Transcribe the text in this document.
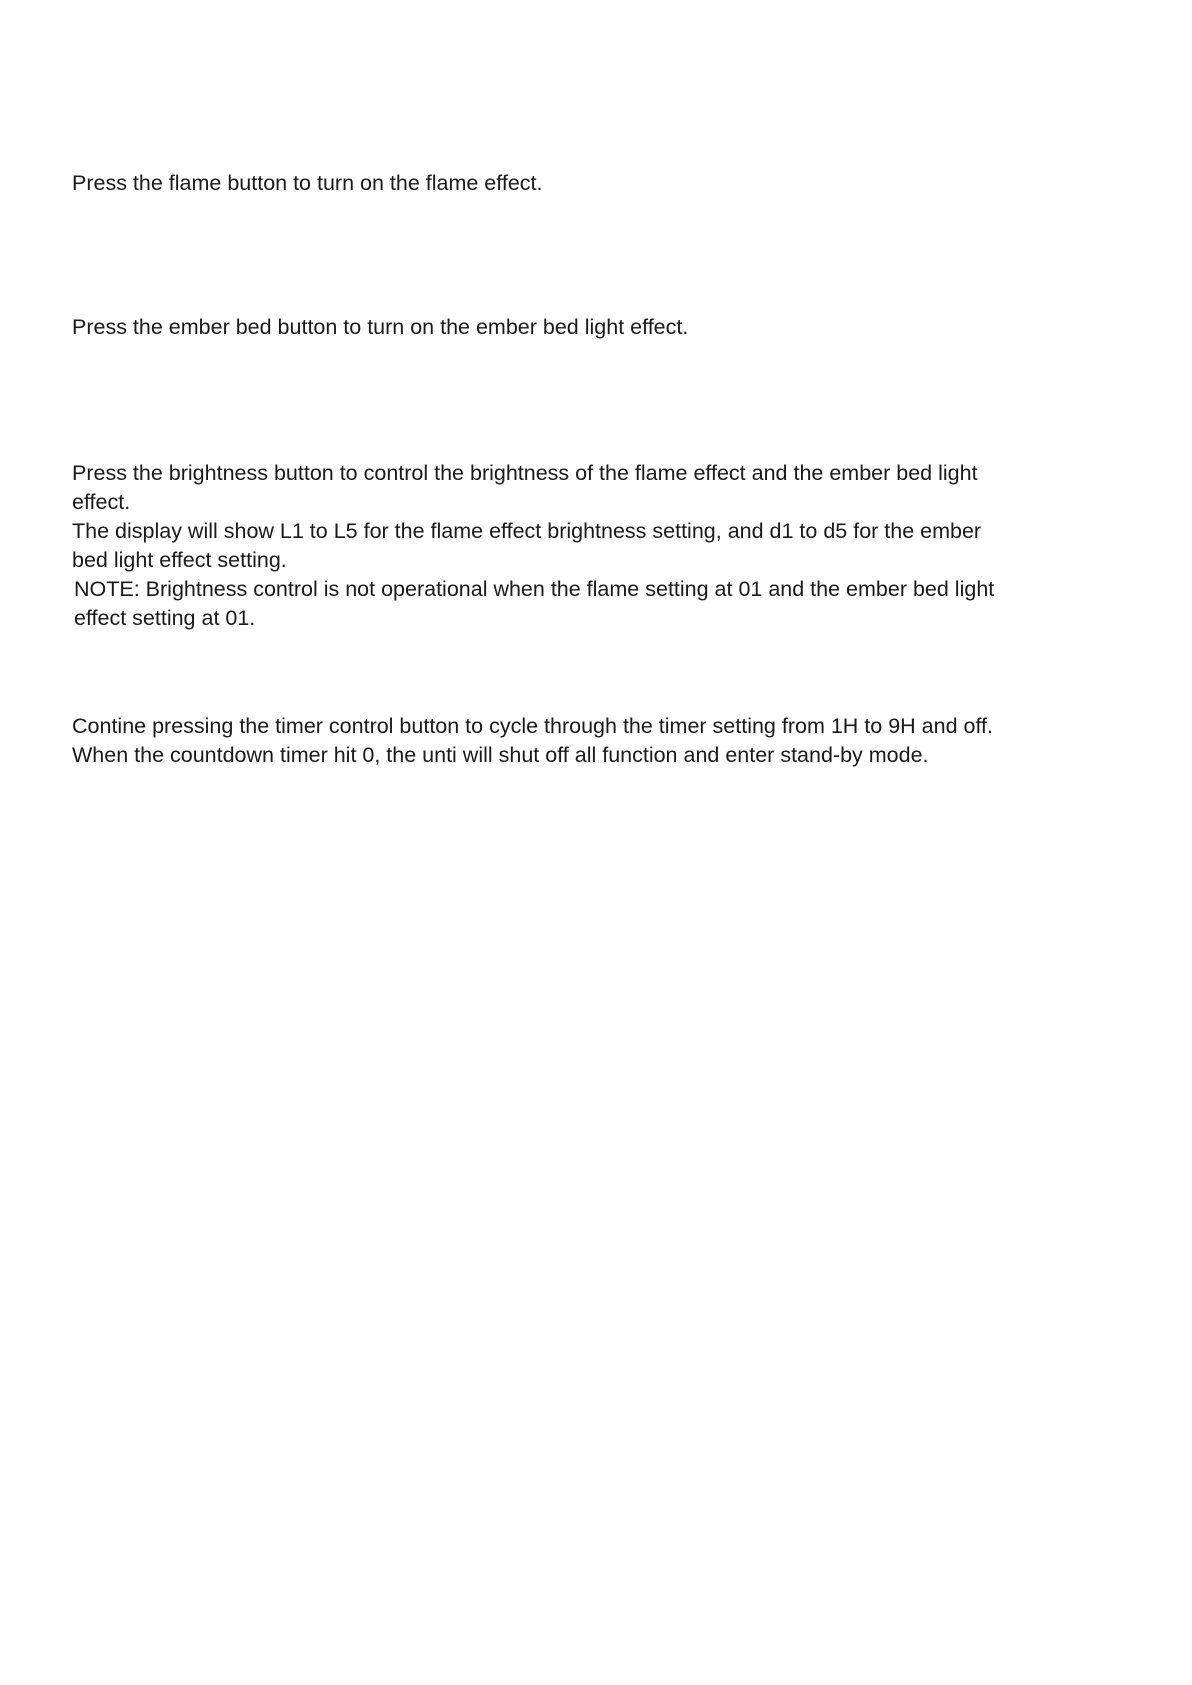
Press the flame button to turn on the flame effect.

Press the ember bed button to turn on the ember bed light effect.

Press the brightness button to control the brightness of the flame effect and the ember bed light

effect.

The display will show L1 to L5 for the flame effect brightness setting, and d1 to d5 for the ember

bed light effect setting.

NOTE: Brightness control is not operational when the flame setting at 01 and the ember bed light

effect setting at 01.

Contine pressing the timer control button to cycle through the timer setting from 1H to 9H and off.

When the countdown timer hit 0, the unti will shut off all function and enter stand-by mode.
